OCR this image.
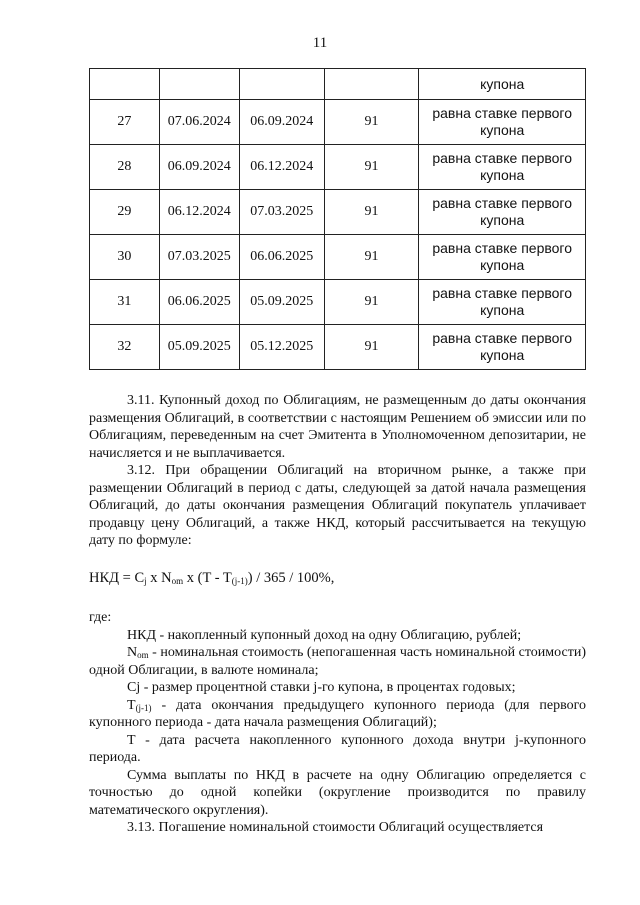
11
				купона
27	07.06.2024	06.09.2024	91	равна ставке первого
купона

28	06.09.2024	06.12.2024	91	равна ставке первого
купона

29	06.12.2024	07.03.2025	91	равна ставке первого
купона

30	07.03.2025	06.06.2025	91	равна ставке первого
купона

31	06.06.2025	05.09.2025	91	равна ставке первого
купона

32	05.09.2025	05.12.2025	91	равна ставке первого
купона

3.11. Купонный доход по Облигациям, не размещенным до даты окончания размещения Облигаций, в соответствии с настоящим Решением об эмиссии или по Облигациям, переведенным на счет Эмитента в Уполномоченном депозитарии, не начисляется и не выплачивается.

3.12. При обращении Облигаций на вторичном рынке, а также при размещении Облигаций в период с даты, следующей за датой начала размещения Облигаций, до даты окончания размещения Облигаций покупатель уплачивает продавцу цену Облигаций, а также НКД, который рассчитывается на текущую дату по формуле:

НКД = $C_j$ x $N_{om}$ x $(T - T_{(j-1)}) / 365 / 100\%$,

где:

НКД - накопленный купонный доход на одну Облигацию, рублей;

$N_{om}$ - номинальная стоимость (непогашенная часть номинальной стоимости) одной Облигации, в валюте номинала;

Cj - размер процентной ставки j-го купона, в процентах годовых;

$T_{(j-1)}$ - дата окончания предыдущего купонного периода (для первого купонного периода - дата начала размещения Облигаций);

T - дата расчета накопленного купонного дохода внутри j-купонного периода.

Сумма выплаты по НКД в расчете на одну Облигацию определяется с точностью до одной копейки (округление производится по правилу математического округления).

3.13. Погашение номинальной стоимости Облигаций осуществляется
